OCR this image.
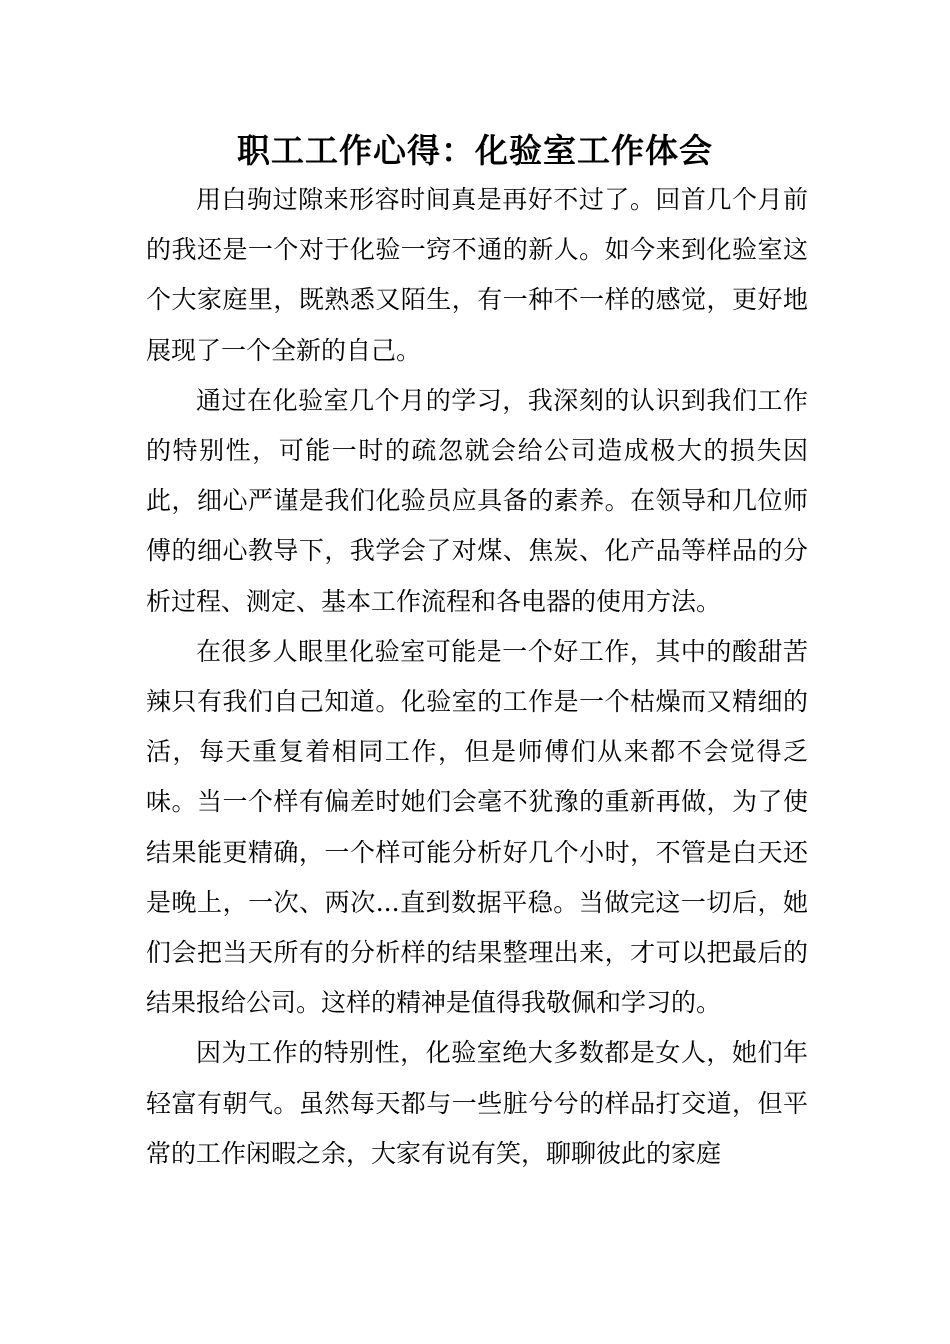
职工工作心得：化验室工作体会

用白驹过隙来形容时间真是再好不过了。回首几个月前的我还是一个对于化验一窍不通的新人。如今来到化验室这个大家庭里，既熟悉又陌生，有一种不一样的感觉，更好地展现了一个全新的自己。

通过在化验室几个月的学习，我深刻的认识到我们工作的特别性，可能一时的疏忽就会给公司造成极大的损失因此，细心严谨是我们化验员应具备的素养。在领导和几位师傅的细心教导下，我学会了对煤、焦炭、化产品等样品的分析过程、测定、基本工作流程和各电器的使用方法。

在很多人眼里化验室可能是一个好工作，其中的酸甜苦辣只有我们自己知道。化验室的工作是一个枯燥而又精细的活，每天重复着相同工作，但是师傅们从来都不会觉得乏味。当一个样有偏差时她们会毫不犹豫的重新再做，为了使结果能更精确，一个样可能分析好几个小时，不管是白天还是晚上，一次、两次...直到数据平稳。当做完这一切后，她们会把当天所有的分析样的结果整理出来，才可以把最后的结果报给公司。这样的精神是值得我敬佩和学习的。

因为工作的特别性，化验室绝大多数都是女人，她们年轻富有朝气。虽然每天都与一些脏兮兮的样品打交道，但平常的工作闲暇之余，大家有说有笑，聊聊彼此的家庭
